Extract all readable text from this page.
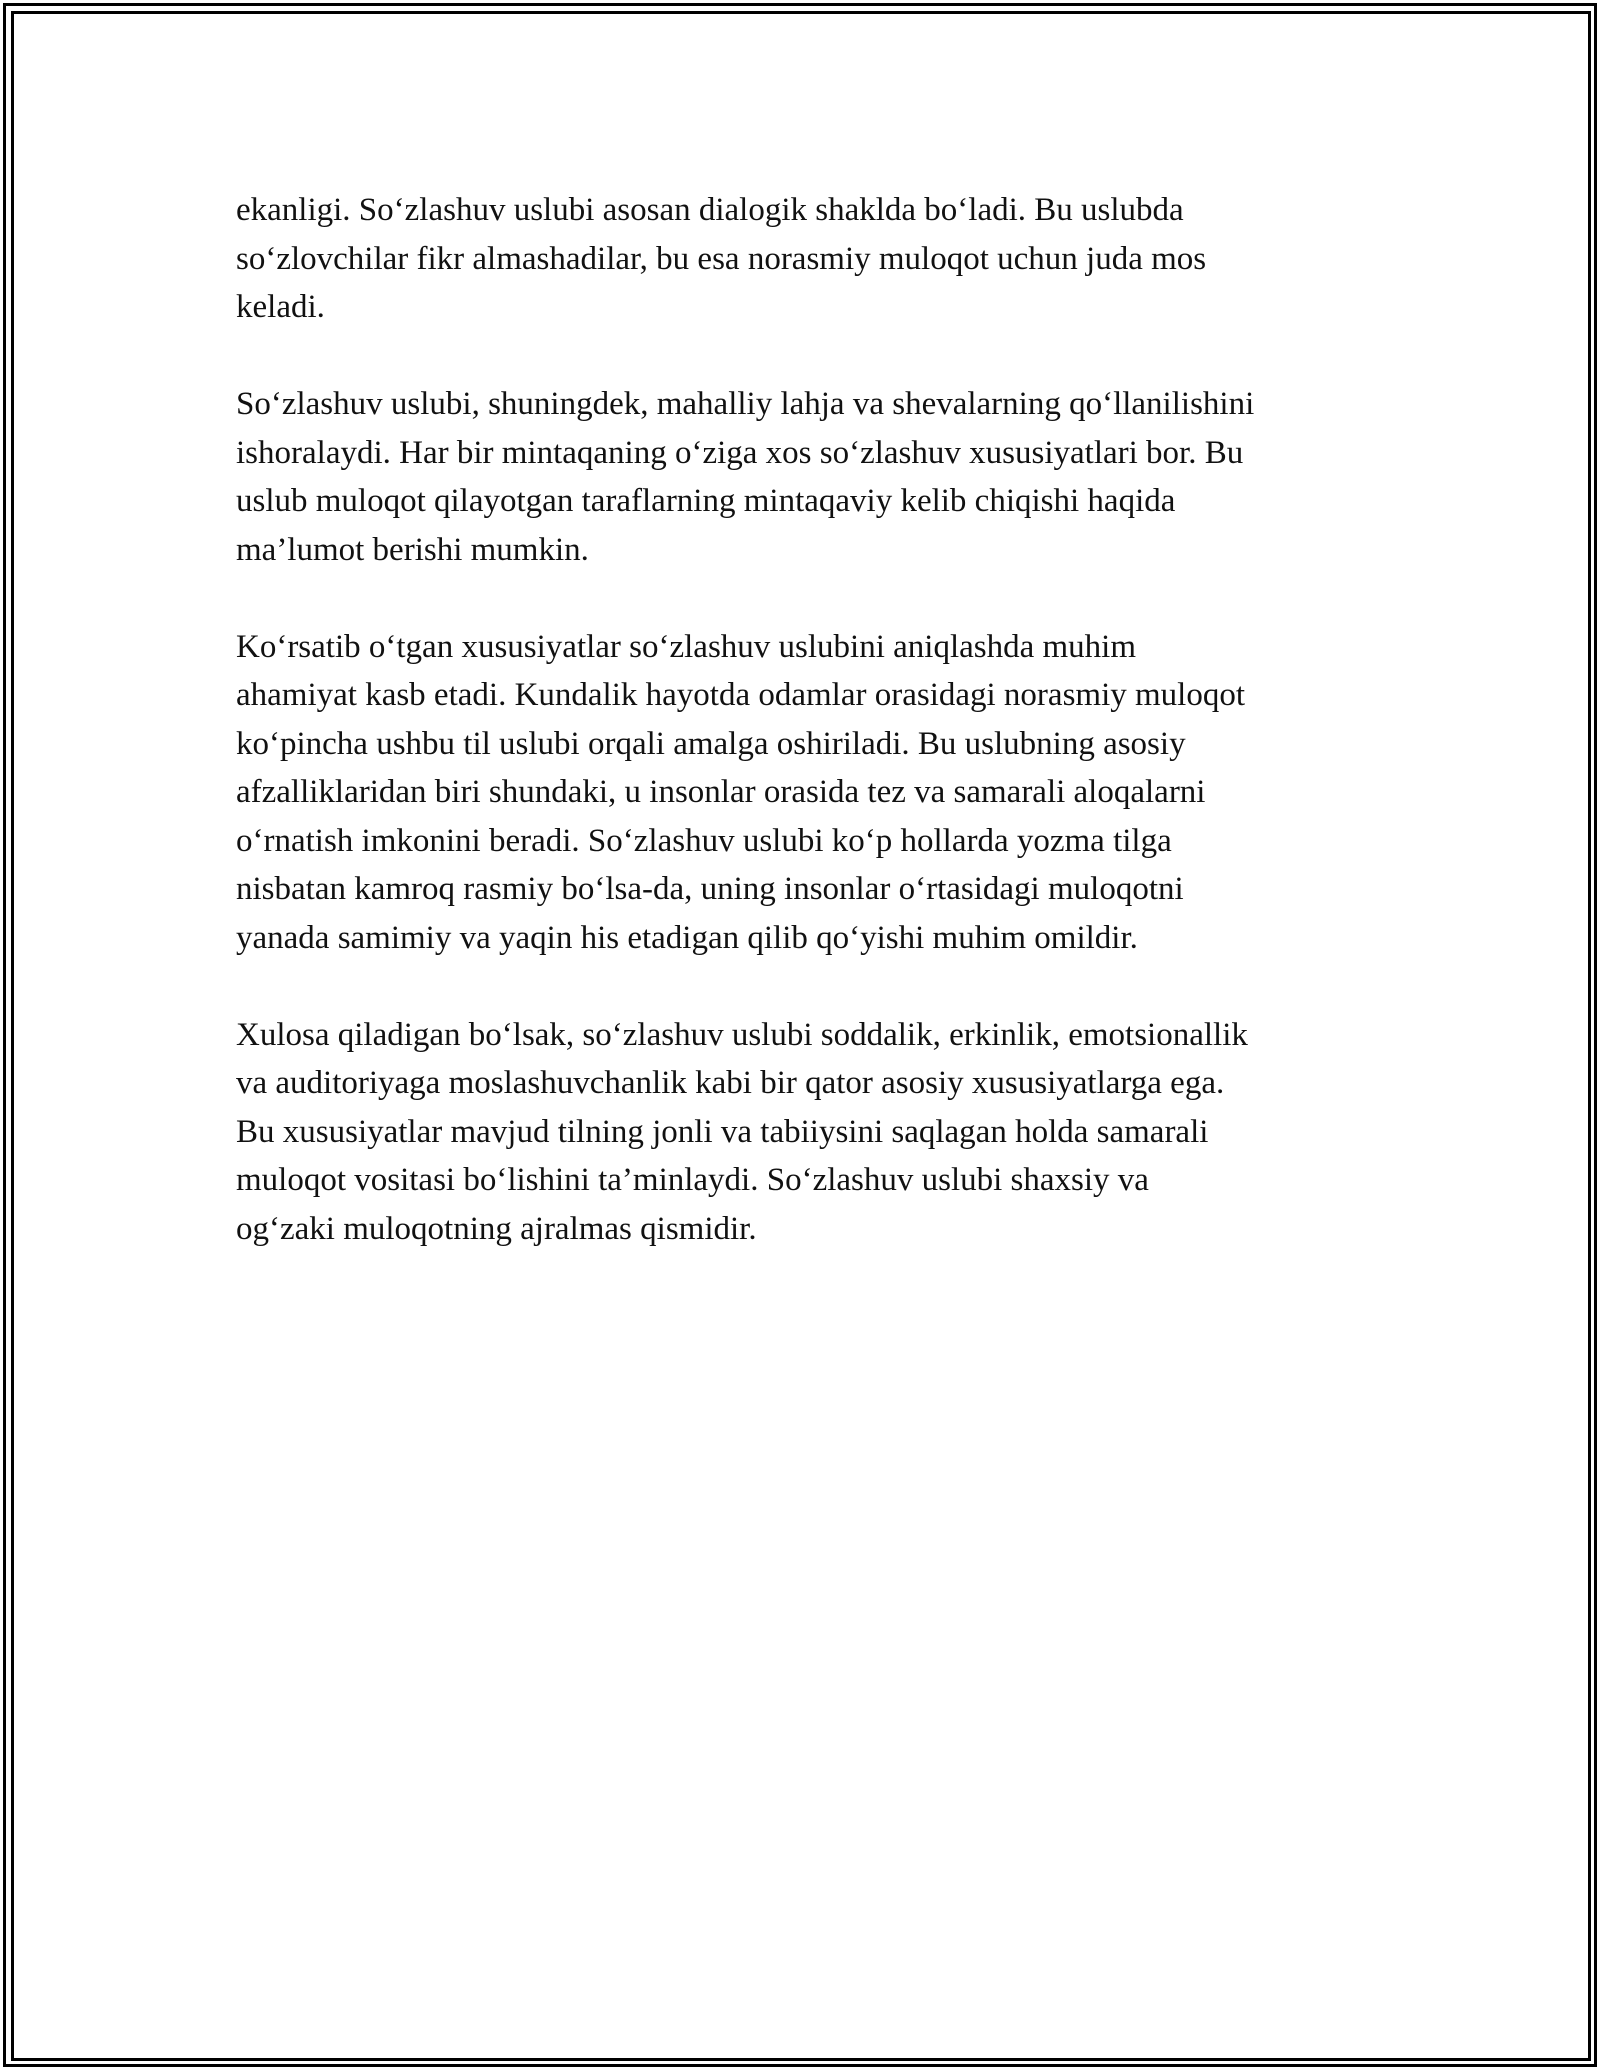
ekanligi. So‘zlashuv uslubi asosan dialogik shaklda bo‘ladi. Bu uslubda
so‘zlovchilar fikr almashadilar, bu esa norasmiy muloqot uchun juda mos
keladi.

So‘zlashuv uslubi, shuningdek, mahalliy lahja va shevalarning qo‘llanilishini
ishoralaydi. Har bir mintaqaning o‘ziga xos so‘zlashuv xususiyatlari bor. Bu
uslub muloqot qilayotgan taraflarning mintaqaviy kelib chiqishi haqida
ma’lumot berishi mumkin.

Ko‘rsatib o‘tgan xususiyatlar so‘zlashuv uslubini aniqlashda muhim
ahamiyat kasb etadi. Kundalik hayotda odamlar orasidagi norasmiy muloqot
ko‘pincha ushbu til uslubi orqali amalga oshiriladi. Bu uslubning asosiy
afzalliklaridan biri shundaki, u insonlar orasida tez va samarali aloqalarni
o‘rnatish imkonini beradi. So‘zlashuv uslubi ko‘p hollarda yozma tilga
nisbatan kamroq rasmiy bo‘lsa-da, uning insonlar o‘rtasidagi muloqotni
yanada samimiy va yaqin his etadigan qilib qo‘yishi muhim omildir.

Xulosa qiladigan bo‘lsak, so‘zlashuv uslubi soddalik, erkinlik, emotsionallik
va auditoriyaga moslashuvchanlik kabi bir qator asosiy xususiyatlarga ega.
Bu xususiyatlar mavjud tilning jonli va tabiiysini saqlagan holda samarali
muloqot vositasi bo‘lishini ta’minlaydi. So‘zlashuv uslubi shaxsiy va
og‘zaki muloqotning ajralmas qismidir.
